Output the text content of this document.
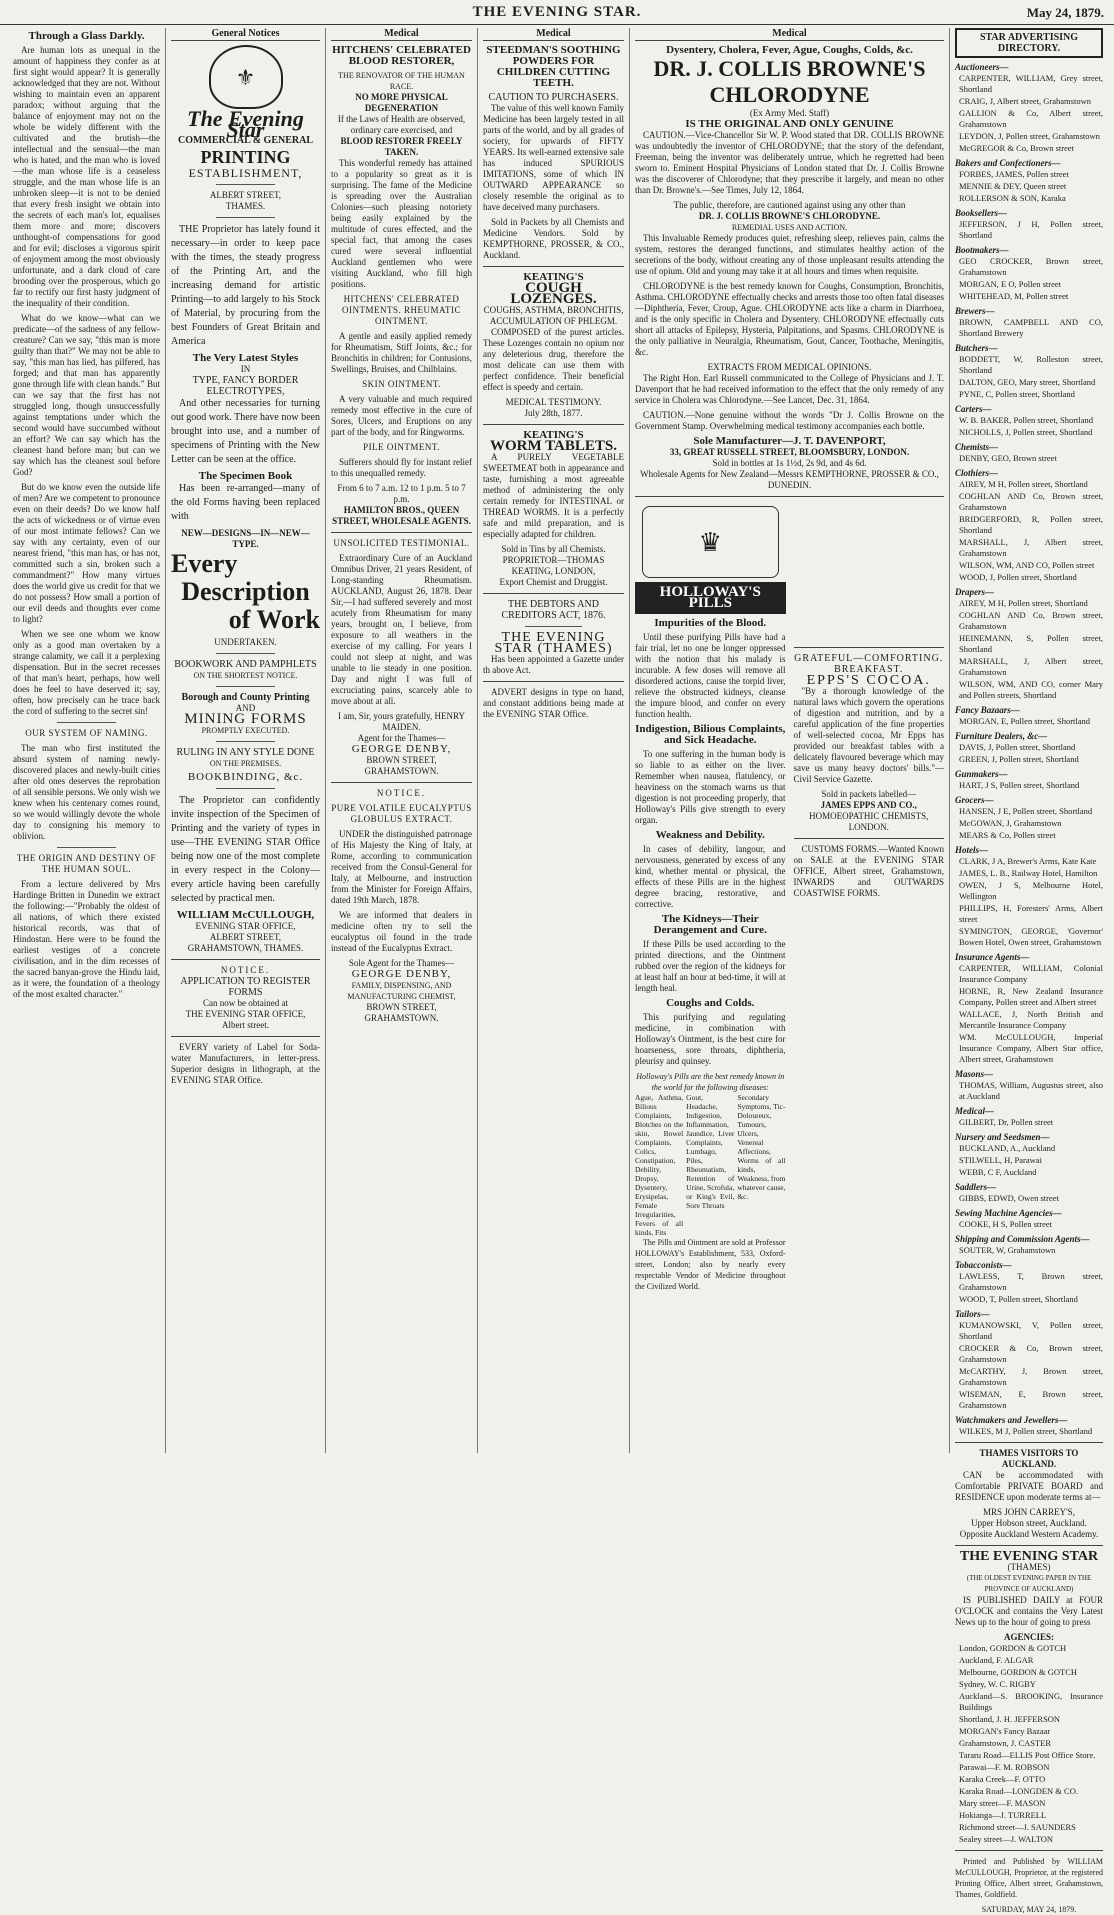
THE EVENING STAR.	May 24, 1879.
Through a Glass Darkly.

Are human lots as unequal in the amount of happiness they confer as at first sight would appear? It is generally acknowledged that they are not. Without wishing to maintain even an apparent paradox; without arguing that the balance of enjoyment may not on the whole be widely different with the cultivated and the brutish—the intellectual and the sensual—the man who is hated, and the man who is loved—the man whose life is a ceaseless struggle, and the man whose life is an unbroken sleep—it is not to be denied that every fresh insight we obtain into the secrets of each man's lot, equalises them more and more; discovers unthought-of compensations for good and for evil; discloses a vigorous spirit of enjoyment among the most obviously unfortunate, and a dark cloud of care brooding over the prosperous, which go far to rectify our first hasty judgment of the inequality of their condition.

What do we know—what can we predicate—of the sadness of any fellow-creature? Can we say, "this man is more guilty than that?" We may not be able to say, "this man has lied, has pilfered, has forged; and that man has apparently gone through life with clean hands." But can we say that the first has not struggled long, though unsuccessfully against temptations under which the second would have succumbed without an effort? We can say which has the cleanest hand before man; but can we say which has the cleanest soul before God?

But do we know even the outside life of men? Are we competent to pronounce even on their deeds? Do we know half the acts of wickedness or of virtue even of our most intimate fellows? Can we say with any certainty, even of our nearest friend, "this man has, or has not, committed such a sin, broken such a commandment?" How many virtues does the world give us credit for that we do not possess? How small a portion of our evil deeds and thoughts ever come to light?

When we see one whom we know only as a good man overtaken by a strange calamity, we call it a perplexing dispensation. But in the secret recesses of that man's heart, perhaps, how well does he feel to have deserved it; say, often, how precisely can he trace back the cord of suffering to the secret sin!

OUR SYSTEM OF NAMING.

The man who first instituted the absurd system of naming newly-discovered places and newly-built cities after old ones deserves the reprobation of all sensible persons. We only wish we knew when his centenary comes round, so we would willingly devote the whole day to consigning his memory to oblivion.

THE ORIGIN AND DESTINY OF THE HUMAN SOUL.

From a lecture delivered by Mrs Hardinge Britten in Dunedin we extract the following:—"Probably the oldest of all nations, of which there existed historical records, was that of Hindostan. Here were to be found the earliest vestiges of a concrete civilisation, and in the dim recesses of the sacred banyan-grove the Hindu laid, as it were, the foundation of a theology of the most exalted character."

General Notices
⚜
The Evening Star
COMMERCIAL & GENERAL
PRINTING
ESTABLISHMENT,
ALBERT STREET,
THAMES.

THE Proprietor has lately found it necessary—in order to keep pace with the times, the steady progress of the Printing Art, and the increasing demand for artistic Printing—to add largely to his Stock of Material, by procuring from the best Founders of Great Britain and America

The Very Latest Styles
IN
TYPE, FANCY BORDER ELECTROTYPES,

And other necessaries for turning out good work. There have now been brought into use, and a number of specimens of Printing with the New Letter can be seen at the office.

The Specimen Book

Has been re-arranged—many of the old Forms having been replaced with

NEW—DESIGNS—IN—NEW—TYPE.
Every
Description
of Work
UNDERTAKEN.
BOOKWORK AND PAMPHLETS
ON THE SHORTEST NOTICE.
Borough and County Printing
AND
MINING FORMS
PROMPTLY EXECUTED.
RULING IN ANY STYLE DONE
ON THE PREMISES.
BOOKBINDING, &c.

The Proprietor can confidently invite inspection of the Specimen of Printing and the variety of types in use—THE EVENING STAR Office being now one of the most complete in every respect in the Colony—every article having been carefully selected by practical men.

WILLIAM McCULLOUGH,
EVENING STAR OFFICE,
ALBERT STREET,
GRAHAMSTOWN, THAMES.
NOTICE.
APPLICATION TO REGISTER FORMS
Can now be obtained at
THE EVENING STAR OFFICE,
Albert street.

EVERY variety of Label for Soda-water Manufacturers, in letter-press. Superior designs in lithograph, at the EVENING STAR Office.

Medical
HITCHENS' CELEBRATED BLOOD RESTORER,
THE RENOVATOR OF THE HUMAN RACE.
NO MORE PHYSICAL DEGENERATION
If the Laws of Health are observed, ordinary care exercised, and
BLOOD RESTORER FREELY TAKEN.

This wonderful remedy has attained to a popularity so great as it is surprising. The fame of the Medicine is spreading over the Australian Colonies—such pleasing notoriety being easily explained by the multitude of cures effected, and the special fact, that among the cases cured were several influential Auckland gentlemen who were visiting Auckland, who fill high positions.

HITCHENS' CELEBRATED OINTMENTS. RHEUMATIC OINTMENT.

A gentle and easily applied remedy for Rheumatism, Stiff Joints, &c.; for Bronchitis in children; for Contusions, Swellings, Bruises, and Chilblains.

SKIN OINTMENT.

A very valuable and much required remedy most effective in the cure of Sores, Ulcers, and Eruptions on any part of the body, and for Ringworms.

PILE OINTMENT.

Sufferers should fly for instant relief to this unequalled remedy.

From 6 to 7 a.m. 12 to 1 p.m. 5 to 7 p.m.
HAMILTON BROS., QUEEN STREET, WHOLESALE AGENTS.
UNSOLICITED TESTIMONIAL.

Extraordinary Cure of an Auckland Omnibus Driver, 21 years Resident, of Long-standing Rheumatism. AUCKLAND, August 26, 1878. Dear Sir,—I had suffered severely and most acutely from Rheumatism for many years, brought on, I believe, from exposure to all weathers in the exercise of my calling. For years I could not sleep at night, and was unable to lie steady in one position. Day and night I was full of excruciating pains, scarcely able to move about at all.

I am, Sir, yours gratefully, HENRY MAIDEN.
Agent for the Thames—
GEORGE DENBY,
BROWN STREET, GRAHAMSTOWN.
NOTICE.
PURE VOLATILE EUCALYPTUS GLOBULUS EXTRACT.

UNDER the distinguished patronage of His Majesty the King of Italy, at Rome, according to communication received from the Consul-General for Italy, at Melbourne, and instruction from the Minister for Foreign Affairs, dated 19th March, 1878.

We are informed that dealers in medicine often try to sell the eucalyptus oil found in the trade instead of the Eucalyptus Extract.

Sole Agent for the Thames—
GEORGE DENBY,
FAMILY, DISPENSING, AND MANUFACTURING CHEMIST,
BROWN STREET, GRAHAMSTOWN.
Medical
STEEDMAN'S SOOTHING POWDERS FOR CHILDREN CUTTING TEETH.
CAUTION TO PURCHASERS.

The value of this well known Family Medicine has been largely tested in all parts of the world, and by all grades of society, for upwards of FIFTY YEARS. Its well-earned extensive sale has induced SPURIOUS IMITATIONS, some of which IN OUTWARD APPEARANCE so closely resemble the original as to have deceived many purchasers.

Sold in Packets by all Chemists and Medicine Vendors. Sold by KEMPTHORNE, PROSSER, & CO., Auckland.

KEATING'S
COUGH LOZENGES.
COUGHS, ASTHMA, BRONCHITIS, ACCUMULATION OF PHLEGM.

COMPOSED of the purest articles. These Lozenges contain no opium nor any deleterious drug, therefore the most delicate can use them with perfect confidence. Their beneficial effect is speedy and certain.

MEDICAL TESTIMONY.
July 28th, 1877.
KEATING'S
WORM TABLETS.

A PURELY VEGETABLE SWEETMEAT both in appearance and taste, furnishing a most agreeable method of administering the only certain remedy for INTESTINAL or THREAD WORMS. It is a perfectly safe and mild preparation, and is especially adapted for children.

Sold in Tins by all Chemists.
PROPRIETOR—THOMAS KEATING, LONDON,
Export Chemist and Druggist.
THE DEBTORS AND CREDITORS ACT, 1876.
THE EVENING STAR (THAMES)

Has been appointed a Gazette under th above Act.

ADVERT designs in type on hand, and constant additions being made at the EVENING STAR Office.

Medical
Dysentery, Cholera, Fever, Ague, Coughs, Colds, &c.
DR. J. COLLIS BROWNE'S CHLORODYNE
(Ex Army Med. Staff)
IS THE ORIGINAL AND ONLY GENUINE

CAUTION.—Vice-Chancellor Sir W. P. Wood stated that DR. COLLIS BROWNE was undoubtedly the inventor of CHLORODYNE; that the story of the defendant, Freeman, being the inventor was deliberately untrue, which he regretted had been sworn to. Eminent Hospital Physicians of London stated that Dr. J. Collis Browne was the discoverer of Chlorodyne; that they prescribe it largely, and mean no other than Dr. Browne's.—See Times, July 12, 1864.

The public, therefore, are cautioned against using any other than
DR. J. COLLIS BROWNE'S CHLORODYNE.
REMEDIAL USES AND ACTION.

This Invaluable Remedy produces quiet, refreshing sleep, relieves pain, calms the system, restores the deranged functions, and stimulates healthy action of the secretions of the body, without creating any of those unpleasant results attending the use of opium. Old and young may take it at all hours and times when requisite.

CHLORODYNE is the best remedy known for Coughs, Consumption, Bronchitis, Asthma. CHLORODYNE effectually checks and arrests those too often fatal diseases—Diphtheria, Fever, Croup, Ague. CHLORODYNE acts like a charm in Diarrhoea, and is the only specific in Cholera and Dysentery. CHLORODYNE effectually cuts short all attacks of Epilepsy, Hysteria, Palpitations, and Spasms. CHLORODYNE is the only palliative in Neuralgia, Rheumatism, Gout, Cancer, Toothache, Meningitis, &c.

EXTRACTS FROM MEDICAL OPINIONS.

The Right Hon. Earl Russell communicated to the College of Physicians and J. T. Davenport that he had received information to the effect that the only remedy of any service in Cholera was Chlorodyne.—See Lancet, Dec. 31, 1864.

CAUTION.—None genuine without the words "Dr J. Collis Browne on the Government Stamp. Overwhelming medical testimony accompanies each bottle.

Sole Manufacturer—J. T. DAVENPORT,
33, GREAT RUSSELL STREET, BLOOMSBURY, LONDON.
Sold in bottles at 1s 1½d, 2s 9d, and 4s 6d.
Wholesale Agents for New Zealand—Messrs KEMPTHORNE, PROSSER & CO., DUNEDIN.
♛
HOLLOWAY'S PILLS
Impurities of the Blood.

Until these purifying Pills have had a fair trial, let no one be longer oppressed with the notion that his malady is incurable. A few doses will remove all disordered actions, cause the torpid liver, relieve the obstructed kidneys, cleanse the impure blood, and confer on every function health.

Indigestion, Bilious Complaints, and Sick Headache.

To one suffering in the human body is so liable to as either on the liver. Remember when nausea, flatulency, or heaviness on the stomach warns us that digestion is not proceeding properly, that Holloway's Pills give strength to every organ.

Weakness and Debility.

In cases of debility, langour, and nervousness, generated by excess of any kind, whether mental or physical, the effects of these Pills are in the highest degree bracing, restorative, and corrective.

The Kidneys—Their Derangement and Cure.

If these Pills be used according to the printed directions, and the Ointment rubbed over the region of the kidneys for at least half an hour at bed-time, it will at length heal.

Coughs and Colds.

This purifying and regulating medicine, in combination with Holloway's Ointment, is the best cure for hoarseness, sore throats, diphtheria, pleurisy and quinsey.

Holloway's Pills are the best remedy known in the world for the following diseases:
Ague, Asthma, Bilious Complaints, Blotches on the skin, Bowel Complaints, Colics, Constipation, Debility, Dropsy, Dysentery, Erysipelas, Female Irregularities, Fevers of all kinds, Fits
Gout, Headache, Indigestion, Inflammation, Jaundice, Liver Complaints, Lumbago, Piles, Rheumatism, Retention of Urine, Scrofula, or King's Evil, Sore Throats
Secondary Symptoms, Tic-Doloureux, Tumours, Ulcers, Venereal Affections, Worms of all kinds, Weakness, from whatever cause, &c.

The Pills and Ointment are sold at Professor HOLLOWAY's Establishment, 533, Oxford-street, London; also by nearly every respectable Vendor of Medicine throughout the Civilized World.

GRATEFUL—COMFORTING.
BREAKFAST.
EPPS'S COCOA.

"By a thorough knowledge of the natural laws which govern the operations of digestion and nutrition, and by a careful application of the fine properties of well-selected cocoa, Mr Epps has provided our breakfast tables with a delicately flavoured beverage which may save us many heavy doctors' bills."—Civil Service Gazette.

Sold in packets labelled—
JAMES EPPS AND CO.,
HOMOEOPATHIC CHEMISTS,
LONDON.

CUSTOMS FORMS.—Wanted Known on SALE at the EVENING STAR OFFICE, Albert street, Grahamstown, INWARDS and OUTWARDS COASTWISE FORMS.

STAR ADVERTISING DIRECTORY.
Auctioneers—
CARPENTER, WILLIAM, Grey street, Shortland
CRAIG, J, Albert street, Grahamstown
GALLION & Co, Albert street, Grahamstown
LEYDON, J, Pollen street, Grahamstown
McGREGOR & Co, Brown street
Bakers and Confectioners—
FORBES, JAMES, Pollen street
MENNIE & DEY, Queen street
ROLLERSON & SON, Karaka
Booksellers—
JEFFERSON, J H, Pollen street, Shortland
Bootmakers—
GEO CROCKER, Brown street, Grahamstown
MORGAN, E O, Pollen street
WHITEHEAD, M, Pollen street
Brewers—
BROWN, CAMPBELL AND CO, Shortland Brewery
Butchers—
BODDETT, W, Rolleston street, Shortland
DALTON, GEO, Mary street, Shortland
PYNE, C, Pollen street, Shortland
Carters—
W. B. BAKER, Pollen street, Shortland
NICHOLLS, J, Pollen street, Shortland
Chemists—
DENBY, GEO, Brown street
Clothiers—
AIREY, M H, Pollen street, Shortland
COGHLAN AND Co, Brown street, Grahamstown
BRIDGERFORD, R, Pollen street, Shortland
MARSHALL, J, Albert street, Grahamstown
WILSON, WM, AND CO, Pollen street
WOOD, J, Pollen street, Shortland
Drapers—
AIREY, M H, Pollen street, Shortland
COGHLAN AND Co, Brown street, Grahamstown
HEINEMANN, S, Pollen street, Shortland
MARSHALL, J, Albert street, Grahamstown
WILSON, WM, AND CO, corner Mary and Pollen streets, Shortland
Fancy Bazaars—
MORGAN, E, Pollen street, Shortland
Furniture Dealers, &c—
DAVIS, J, Pollen street, Shortland
GREEN, J, Pollen street, Shortland
Gunmakers—
HART, J S, Pollen street, Shortland
Grocers—
HANSEN, J E, Pollen street, Shortland
McGOWAN, J, Grahamstown
MEARS & Co, Pollen street
Hotels—
CLARK, J A, Brewer's Arms, Kate Kate
JAMES, L. B., Railway Hotel, Hamilton
OWEN, J S, Melbourne Hotel, Wellington
PHILLIPS, H, Foresters' Arms, Albert street
SYMINGTON, GEORGE, 'Governor' Bowen Hotel, Owen street, Grahamstown
Insurance Agents—
CARPENTER, WILLIAM, Colonial Insurance Company
HORNE, R, New Zealand Insurance Company, Pollen street and Albert street
WALLACE, J, North British and Mercantile Insurance Company
WM. McCULLOUGH, Imperial Insurance Company, Albert Star office, Albert street, Grahamstown
Masons—
THOMAS, William, Augustus street, also at Auckland
Medical—
GILBERT, Dr, Pollen street
Nursery and Seedsmen—
BUCKLAND, A., Auckland
STILWELL, H, Parawai
WEBB, C F, Auckland
Saddlers—
GIBBS, EDWD, Owen street
Sewing Machine Agencies—
COOKE, H S, Pollen street
Shipping and Commission Agents—
SOUTER, W, Grahamstown
Tobacconists—
LAWLESS, T, Brown street, Grahamstown
WOOD, T, Pollen street, Shortland
Tailors—
KUMANOWSKI, V, Pollen street, Shortland
CROCKER & Co, Brown street, Grahamstown
McCARTHY, J, Brown street, Grahamstown
WISEMAN, E, Brown street, Grahamstown
Watchmakers and Jewellers—
WILKES, M J, Pollen street, Shortland
THAMES VISITORS TO AUCKLAND.

CAN be accommodated with Comfortable PRIVATE BOARD and RESIDENCE upon moderate terms at—

MRS JOHN CARREY'S,
Upper Hobson street, Auckland.
Opposite Auckland Western Academy.
THE EVENING STAR
(THAMES)
(THE OLDEST EVENING PAPER IN THE PROVINCE OF AUCKLAND)

IS PUBLISHED DAILY at FOUR O'CLOCK and contains the Very Latest News up to the hour of going to press

AGENCIES:
London, GORDON & GOTCH
Auckland, F. ALGAR
Melbourne, GORDON & GOTCH
Sydney, W. C. RIGBY
Auckland—S. BROOKING, Insurance Buildings
Shortland, J. H. JEFFERSON
MORGAN's Fancy Bazaar
Grahamstown, J. CASTER
Tararu Road—ELLIS Post Office Store.
Parawai—F. M. ROBSON
Karaka Creek—F. OTTO
Karaka Road—LONGDEN & CO.
Mary street—F. MASON
Hokianga—J. TURRELL
Richmond street—J. SAUNDERS
Sealey street—J. WALTON

Printed and Published by WILLIAM McCULLOUGH, Proprietor, at the registered Printing Office, Albert street, Grahamstown, Thames, Goldfield.

SATURDAY, MAY 24, 1879.
